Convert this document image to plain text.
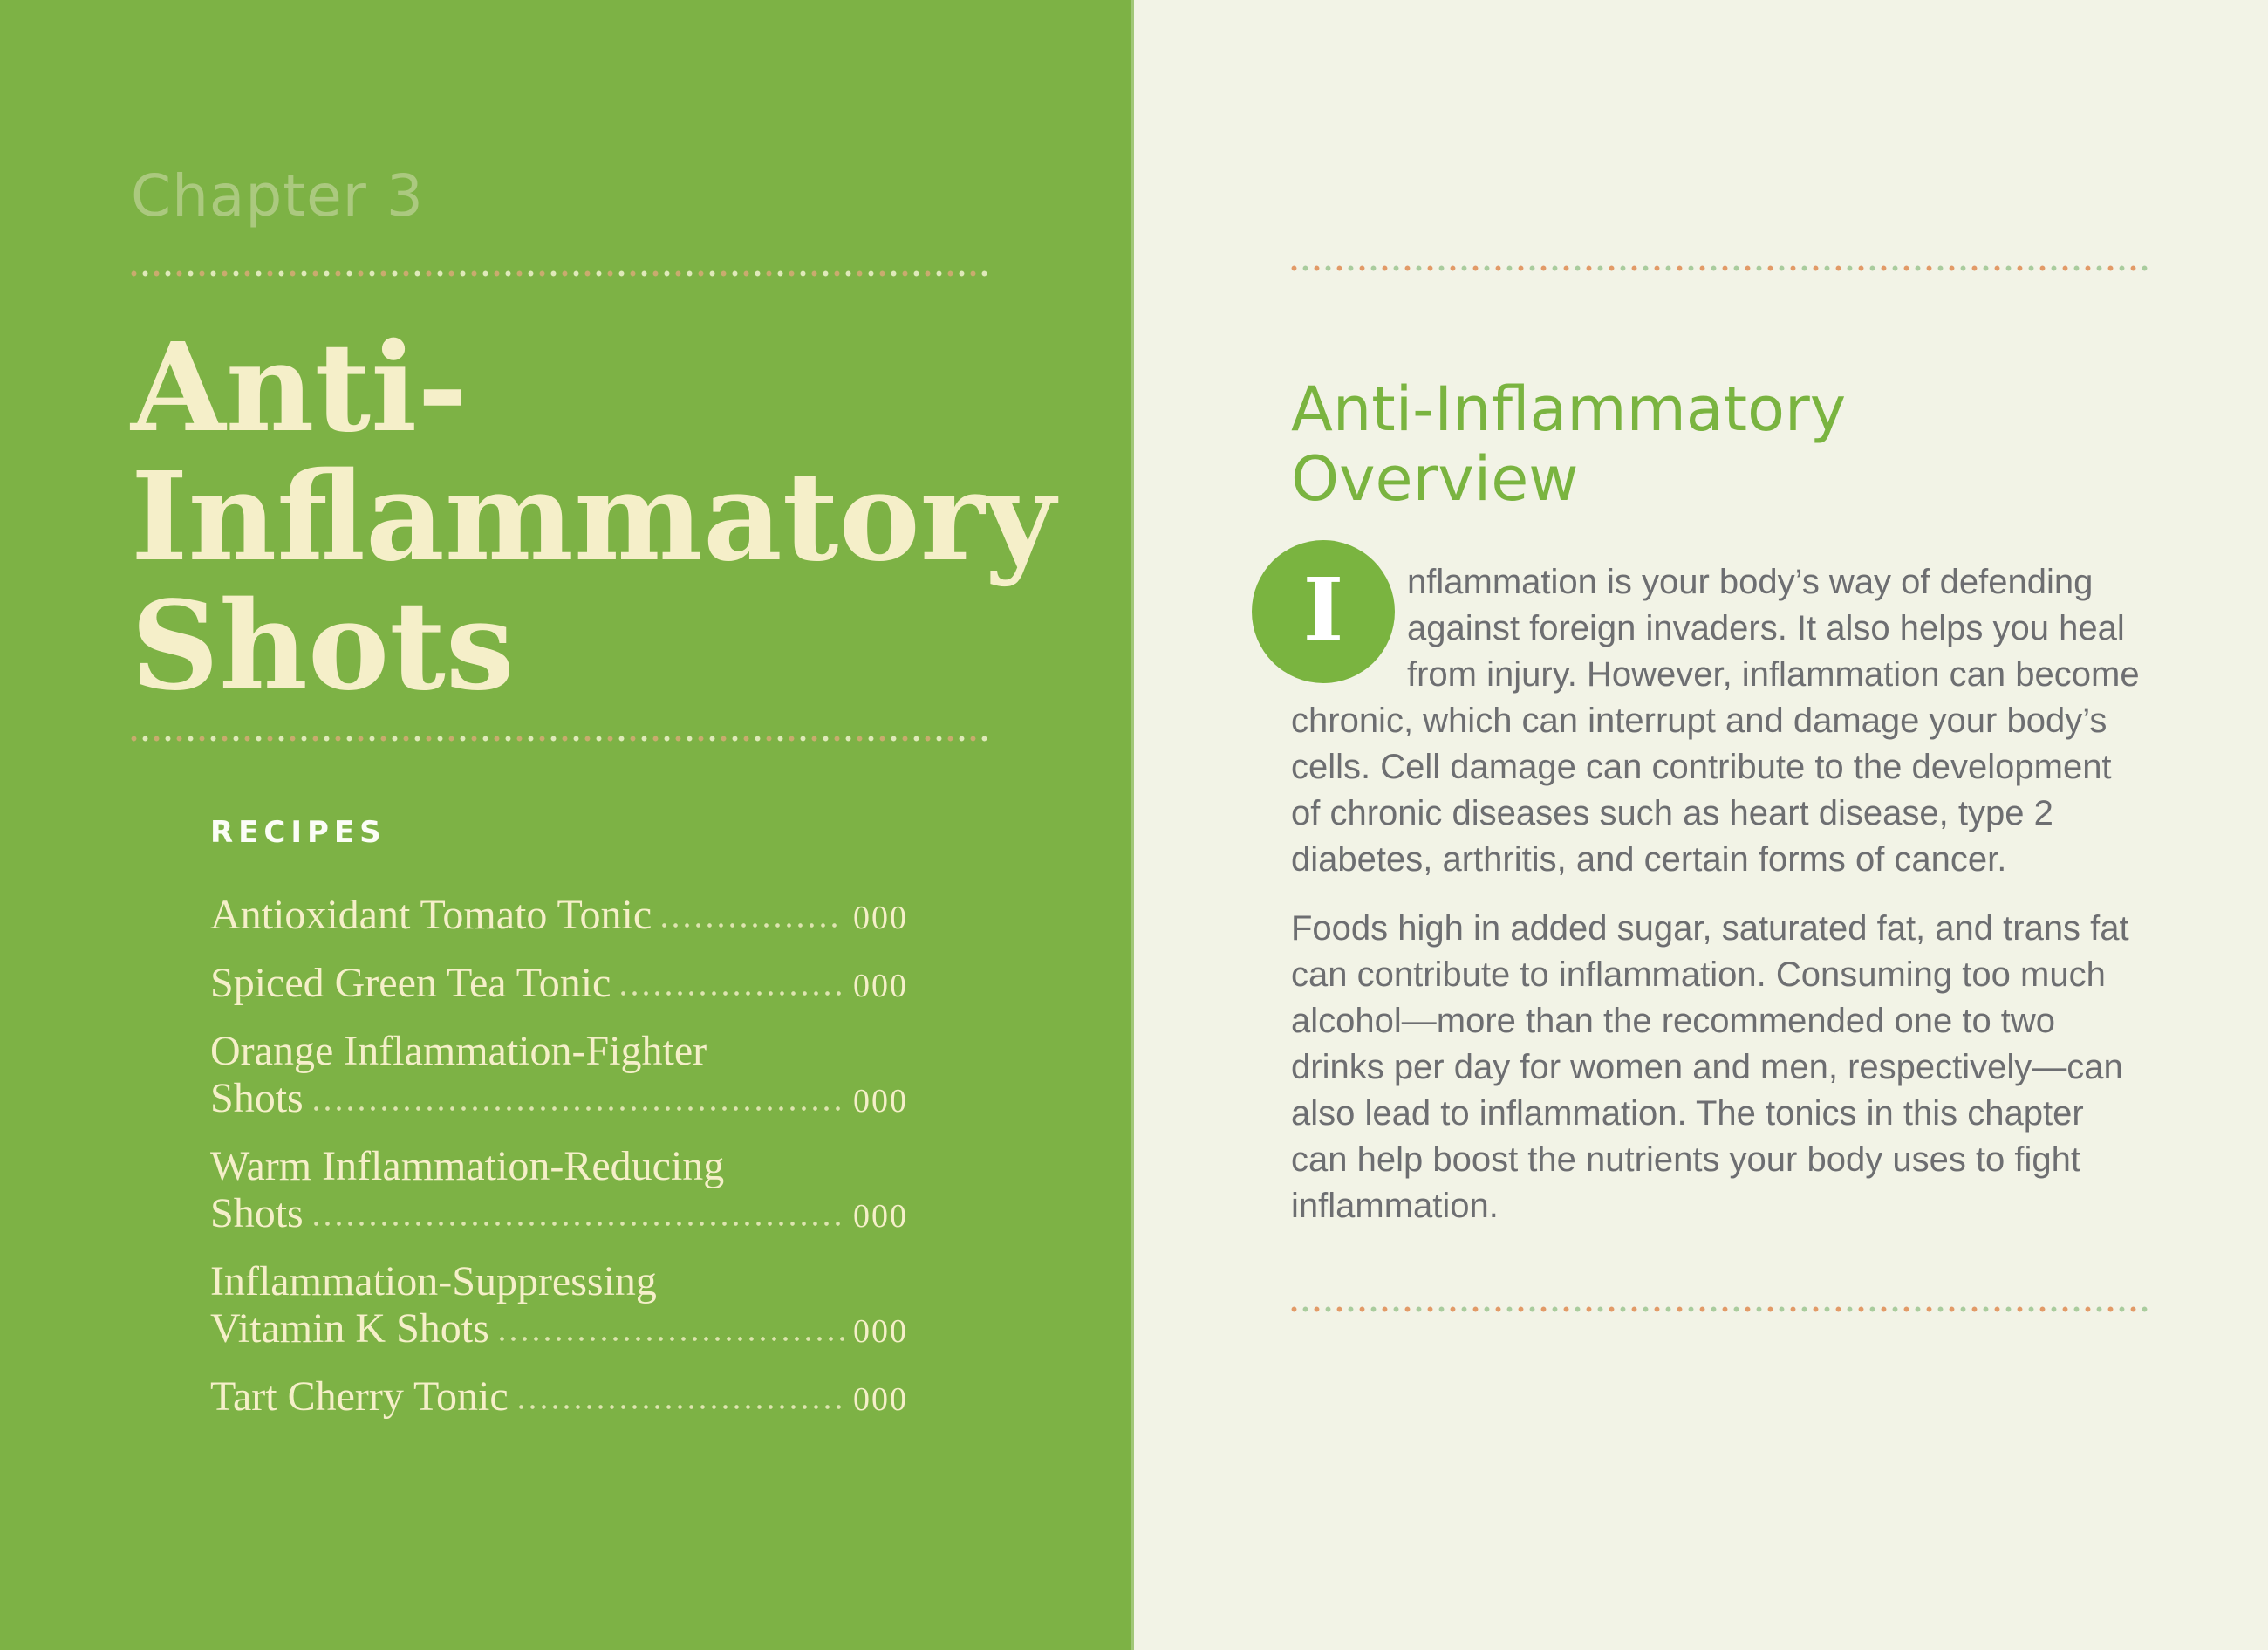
Chapter 3
Anti-
Inflammatory
Shots
RECIPES
Antioxidant Tomato Tonic	000
Spiced Green Tea Tonic	000
Orange Inflammation-Fighter
Shots	000
Warm Inflammation-Reducing
Shots	000
Inflammation-Suppressing
Vitamin K Shots	000
Tart Cherry Tonic	000
Anti-Inflammatory
Overview

I nflammation is your body’s way of defending against foreign invaders. It also helps you heal from injury. However, inflammation can become chronic, which can interrupt and damage your body’s cells. Cell damage can contribute to the development of chronic diseases such as heart disease, type 2 diabetes, arthritis, and certain forms of cancer.

Foods high in added sugar, saturated fat, and trans fat can contribute to inflammation. Consuming too much alcohol—more than the recommended one to two drinks per day for women and men, respectively—can also lead to inflammation. The tonics in this chapter can help boost the nutrients your body uses to fight inflammation.
